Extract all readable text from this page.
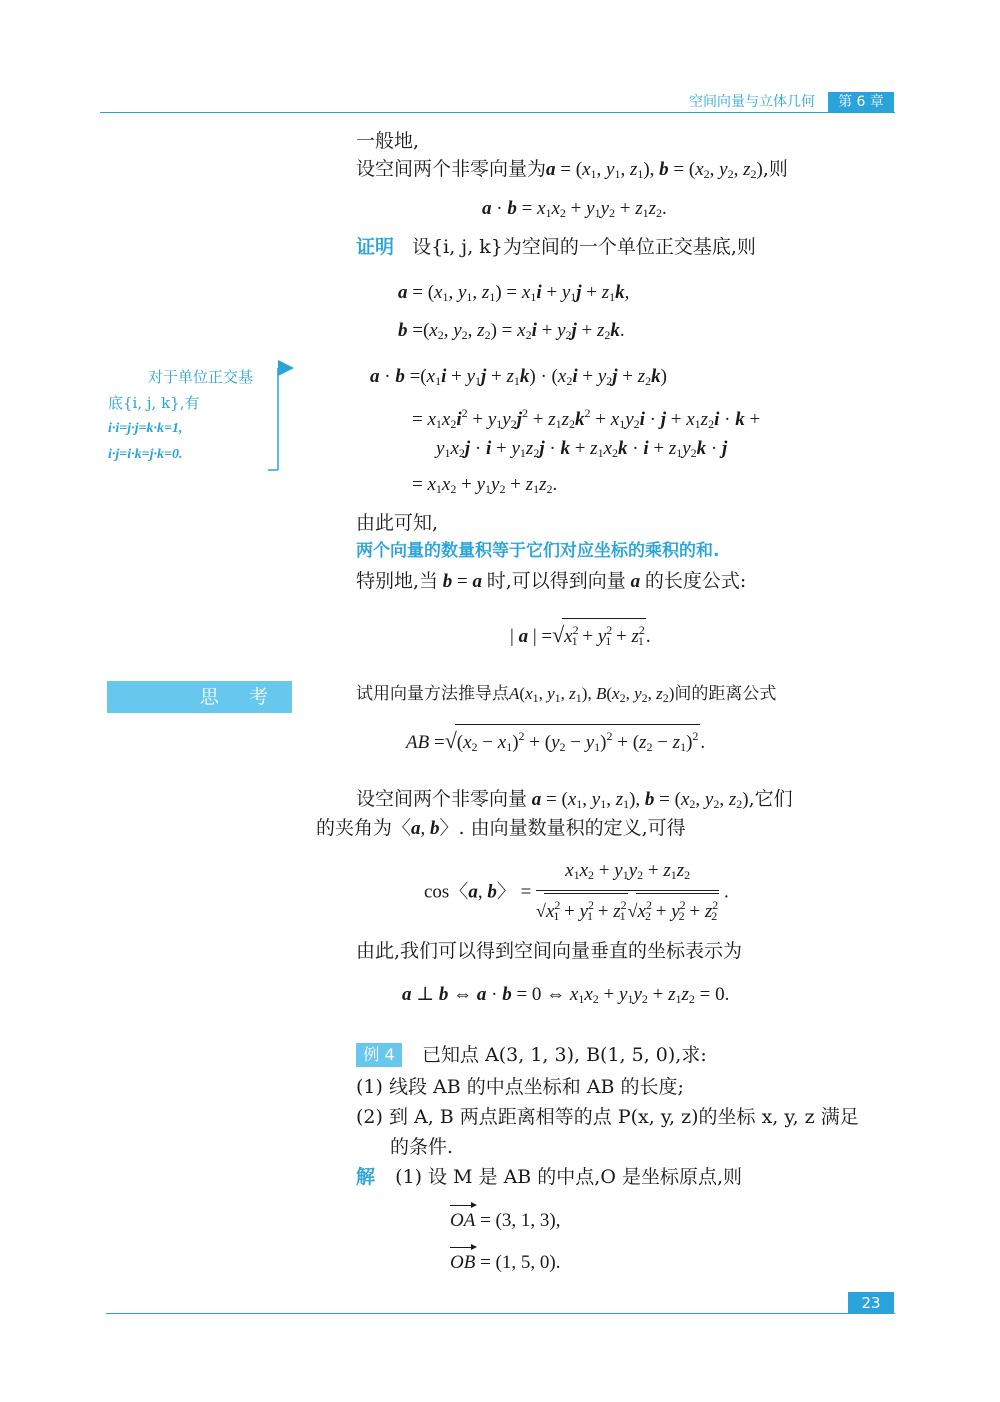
空间向量与立体几何	第 6 章
一般地,
设空间两个非零向量为$a = (x_1$, $y_1$, $z_1$), $b = (x_2$, $y_2$, $z_2$),则
$a \cdot b = x_1x_2 + y_1y_2 + z_1z_2$.
证明 设{i, j, k}为空间的一个单位正交基底,则
$a = (x_1$, $y_1$, $z_1) = x_1i + y_1j + z_1k$,
$b =(x_2$, $y_2$, $z_2) = x_2i + y_2j + z_2k$.
对于单位正交基
底{i, j, k},有
i·i=j·j=k·k=1,
i·j=i·k=j·k=0.
$a \cdot b =(x_1i + y_1j + z_1k) \cdot (x_2i + y_2j + z_2k)$
= $x_1x_2i^2 + y_1y_2j^2 + z_1z_2k^2 + x_1y_2i \cdot j + x_1z_2i \cdot k$ +
$y_1x_2j \cdot i + y_1z_2j \cdot k + z_1x_2k \cdot i + z_1y_2k \cdot j$
= $x_1x_2 + y_1y_2 + z_1z_2$.
由此可知,
两个向量的数量积等于它们对应坐标的乘积的和.
特别地,当 b = a 时,可以得到向量 a 的长度公式:
| a | $=√x^2_1 + y^2_1 + z^2_1$ .
思  考	试用向量方法推导点$A(x_1$, $y_1$, $z_1$), $B(x_2$, $y_2$, $z_2$)间的距离公式
AB $=√(x_2 - x_1)^2 + (y_2 - y_1)^2 + (z_2 - z_1)^2$ .
设空间两个非零向量 $a = (x_1$, $y_1$, $z_1$), $b = (x_2$, $y_2$, $z_2$),它们
的夹角为〈a, b〉. 由向量数量积的定义,可得
cos〈a, b〉 = $\frac{x_1x_2 + y_1y_2 + z_1z_2}{√x^2_1 + y^2_1 + z^2_1 √x^2_2 + y^2_2 + z^2_2}$ .
由此,我们可以得到空间向量垂直的坐标表示为
a ⊥ b ⇔ a · b = 0 ⇔ $x_1x_2 + y_1y_2 + z_1z_2 = 0$.
例 4	已知点 A(3, 1, 3), B(1, 5, 0),求:
(1) 线段 AB 的中点坐标和 AB 的长度;
(2) 到 A, B 两点距离相等的点 P(x, y, z)的坐标 x, y, z 满足
的条件.
解 (1) 设 M 是 AB 的中点,O 是坐标原点,则
OA = (3, 1, 3),
OB = (1, 5, 0).
23
